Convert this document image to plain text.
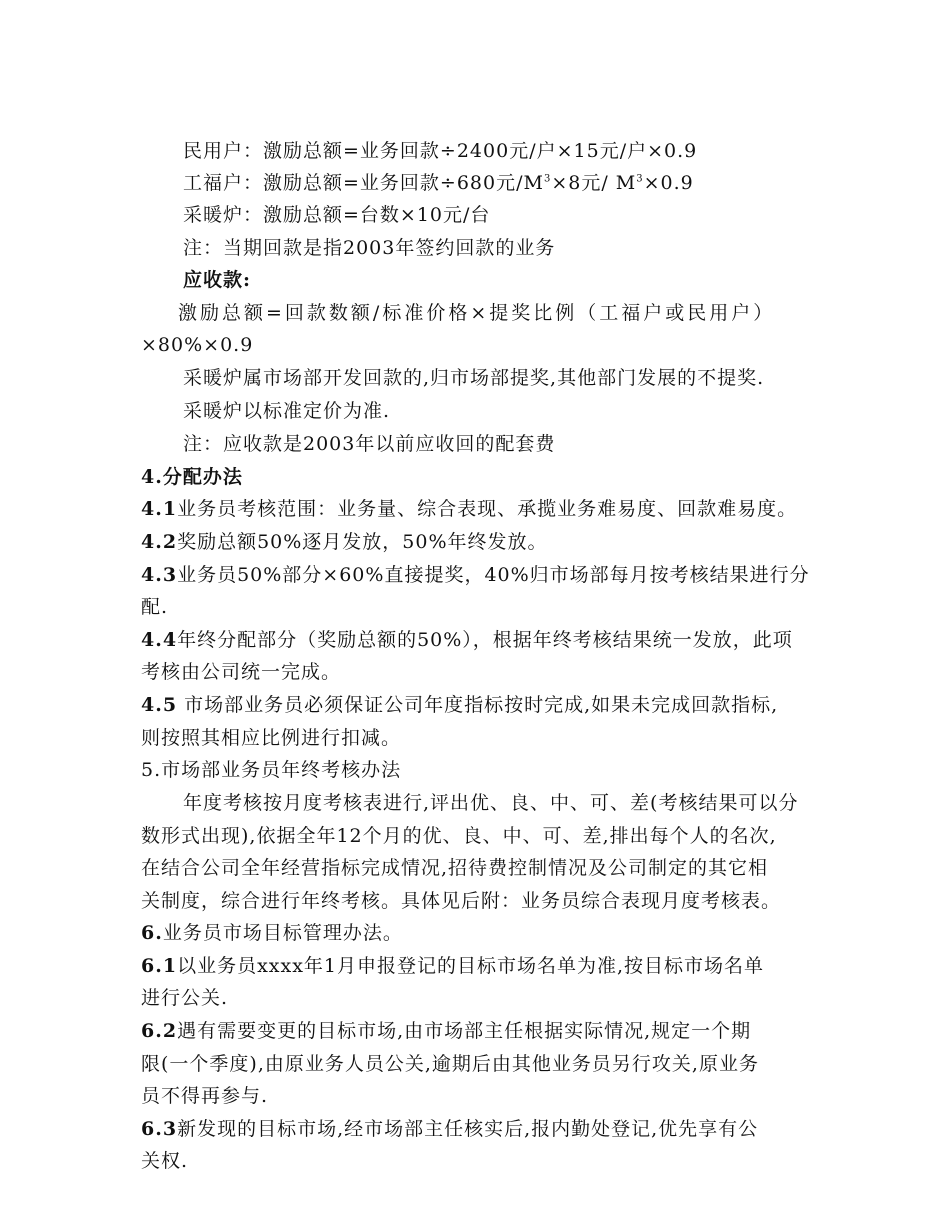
民用户：激励总额=业务回款÷2400元/户×15元/户×0.9
工福户：激励总额=业务回款÷680元$/M^3\times 8$元/ $M^3\times 0.9$
采暖炉：激励总额=台数×10元/台
注：当期回款是指2003年签约回款的业务
应收款:
激励总额=回款数额/标准价格×提奖比例（工福户或民用户）
×80%×0.9
采暖炉属市场部开发回款的,归市场部提奖,其他部门发展的不提奖.
采暖炉以标准定价为准.
注：应收款是2003年以前应收回的配套费
4.分配办法
4.1业务员考核范围：业务量、综合表现、承揽业务难易度、回款难易度。
4.2奖励总额50%逐月发放，50%年终发放。
4.3业务员50%部分×60%直接提奖，40%归市场部每月按考核结果进行分
配.
4.4年终分配部分（奖励总额的50%），根据年终考核结果统一发放，此项
考核由公司统一完成。
4.5 市场部业务员必须保证公司年度指标按时完成,如果未完成回款指标,
则按照其相应比例进行扣减。
5.市场部业务员年终考核办法
年度考核按月度考核表进行,评出优、良、中、可、差(考核结果可以分
数形式出现),依据全年12个月的优、良、中、可、差,排出每个人的名次,
在结合公司全年经营指标完成情况,招待费控制情况及公司制定的其它相
关制度，综合进行年终考核。具体见后附：业务员综合表现月度考核表。
6.业务员市场目标管理办法。
6.1以业务员xxxx年1月申报登记的目标市场名单为准,按目标市场名单
进行公关.
6.2遇有需要变更的目标市场,由市场部主任根据实际情况,规定一个期
限(一个季度),由原业务人员公关,逾期后由其他业务员另行攻关,原业务
员不得再参与.
6.3新发现的目标市场,经市场部主任核实后,报内勤处登记,优先享有公
关权.
